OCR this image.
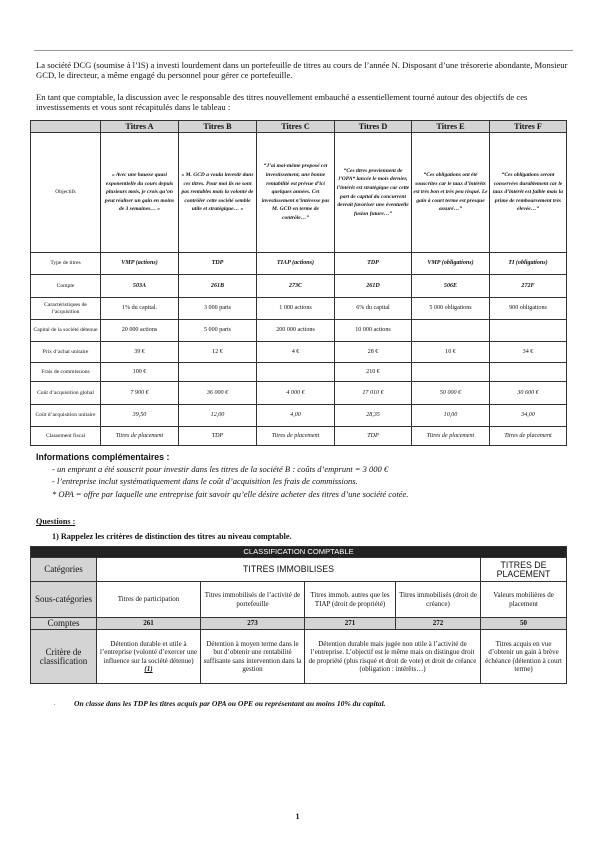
La société DCG (soumise à l’IS) a investi lourdement dans un portefeuille de titres au cours de l’année N. Disposant d’une trésorerie abondante, Monsieur GCD, le directeur, a même engagé du personnel pour gérer ce portefeuille.

En tant que comptable, la discussion avec le responsable des titres nouvellement embauché a essentiellement tourné autour des objectifs de ces investissements et vous sont récapitulés dans le tableau :

	Titres A	Titres B	Titres C	Titres D	Titres E	Titres F
Objectifs	« Avec une hausse quasi exponentielle du cours depuis plusieurs mois, je crois qu’on peut réaliser un gain en moins de 3 semaines… »	« M. GCD a voulu investir dans ces titres. Pour moi ils ne sont pas rentables mais la volonté de contrôler cette société semble utile et stratégique… »	“J’ai moi-même proposé cet investissement, une bonne rentabilité est prévue d’ici quelques années. Cet investissement n’intéresse pas M. GCD en terme de contrôle…”	“Ces titres proviennent de l’OPA* lancée le mois dernier, l’intérêt est stratégique car cette part de capital du concurrent devrait favoriser une éventuelle fusion future…”	“Ces obligations ont été souscrites car le taux d’intérêts est très bon et très peu risqué. Le gain à court terme est presque assuré…”	“Ces obligations seront conservées durablement car le taux d’intérêt est faible mais la prime de remboursement très élevée…”
Type de titres	VMP (actions)	TDP	TIAP (actions)	TDP	VMP (obligations)	TI (obligations)
Compte	503A	261B	273C	261D	506E	272F
Caractéristiques de l’acquisition	1% du capital.	3 000 parts	1 000 actions	6% du capital	5 000 obligations	900 obligations
Capital de la société détenue	20 000 actions	5 000 parts	200 000 actions	10 000 actions		
Prix d’achat unitaire	39 €	12 €	4 €	28 €	10 €	34 €
Frais de commissions	100 €			210 €		
Coût d’acquisition global	7 900 €	36 000 €	4 000 €	17 010 €	50 000 €	30 600 €
Coût d’acquisition unitaire	39,50	12,00	4,00	28,35	10,00	34,00
Classement fiscal	Titres de placement	TDP	Titres de placement	TDP	Titres de placement	Titres de placement

Informations complémentaires :

- un emprunt a été souscrit pour investir dans les titres de la société B : coûts d’emprunt = 3 000 €

- l’entreprise inclut systématiquement dans le coût d’acquisition les frais de commissions.

* OPA = offre par laquelle une entreprise fait savoir qu’elle désire acheter des titres d’une société cotée.

Questions :

1) Rappelez les critères de distinction des titres au niveau comptable.

CLASSIFICATION COMPTABLE					
Catégories	TITRES IMMOBILISES				TITRES DE PLACEMENT
Sous-catégories	Titres de participation	Titres immobilisés de l’activité de portefeuille	Titres immob. autres que les TIAP (droit de propriété)	Titres immobilisés (droit de créance)	Valeurs mobilières de placement
Comptes	261	273	271	272	50
Critère de classification	Détention durable et utile à l’entreprise (volonté d’exercer une influence sur la société détenue) (1)	Détention à moyen terme dans le but d’obtenir une rentabilité suffisante sans intervention dans la gestion	Détention durable mais jugée non utile à l’activité de l’entreprise. L’objectif est le même mais on distingue droit de propriété (plus risqué et droit de vote) et droit de créance (obligation : intérêts…)		Titres acquis en vue d’obtenir un gain à brève échéance (détention à court terme)
. On classe dans les TDP les titres acquis par OPA ou OPE ou représentant au moins 10% du capital.

1
